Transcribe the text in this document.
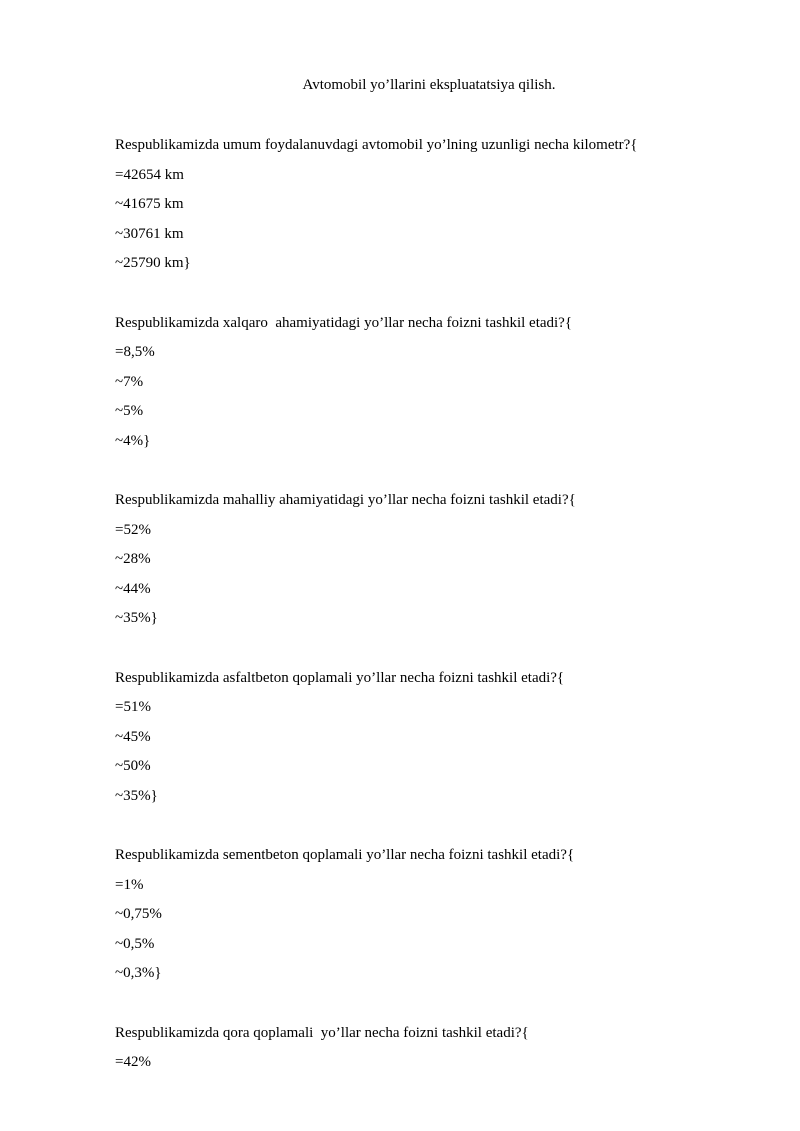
Avtomobil yo’llarini ekspluatatsiya qilish.
Respublikamizda umum foydalanuvdagi avtomobil yo’lning uzunligi necha kilometr?{
=42654 km
~41675 km
~30761 km
~25790 km}
Respublikamizda xalqaro  ahamiyatidagi yo’llar necha foizni tashkil etadi?{
=8,5%
~7%
~5%
~4%}
Respublikamizda mahalliy ahamiyatidagi yo’llar necha foizni tashkil etadi?{
=52%
~28%
~44%
~35%}
Respublikamizda asfaltbeton qoplamali yo’llar necha foizni tashkil etadi?{
=51%
~45%
~50%
~35%}
Respublikamizda sementbeton qoplamali yo’llar necha foizni tashkil etadi?{
=1%
~0,75%
~0,5%
~0,3%}
Respublikamizda qora qoplamali  yo’llar necha foizni tashkil etadi?{
=42%
